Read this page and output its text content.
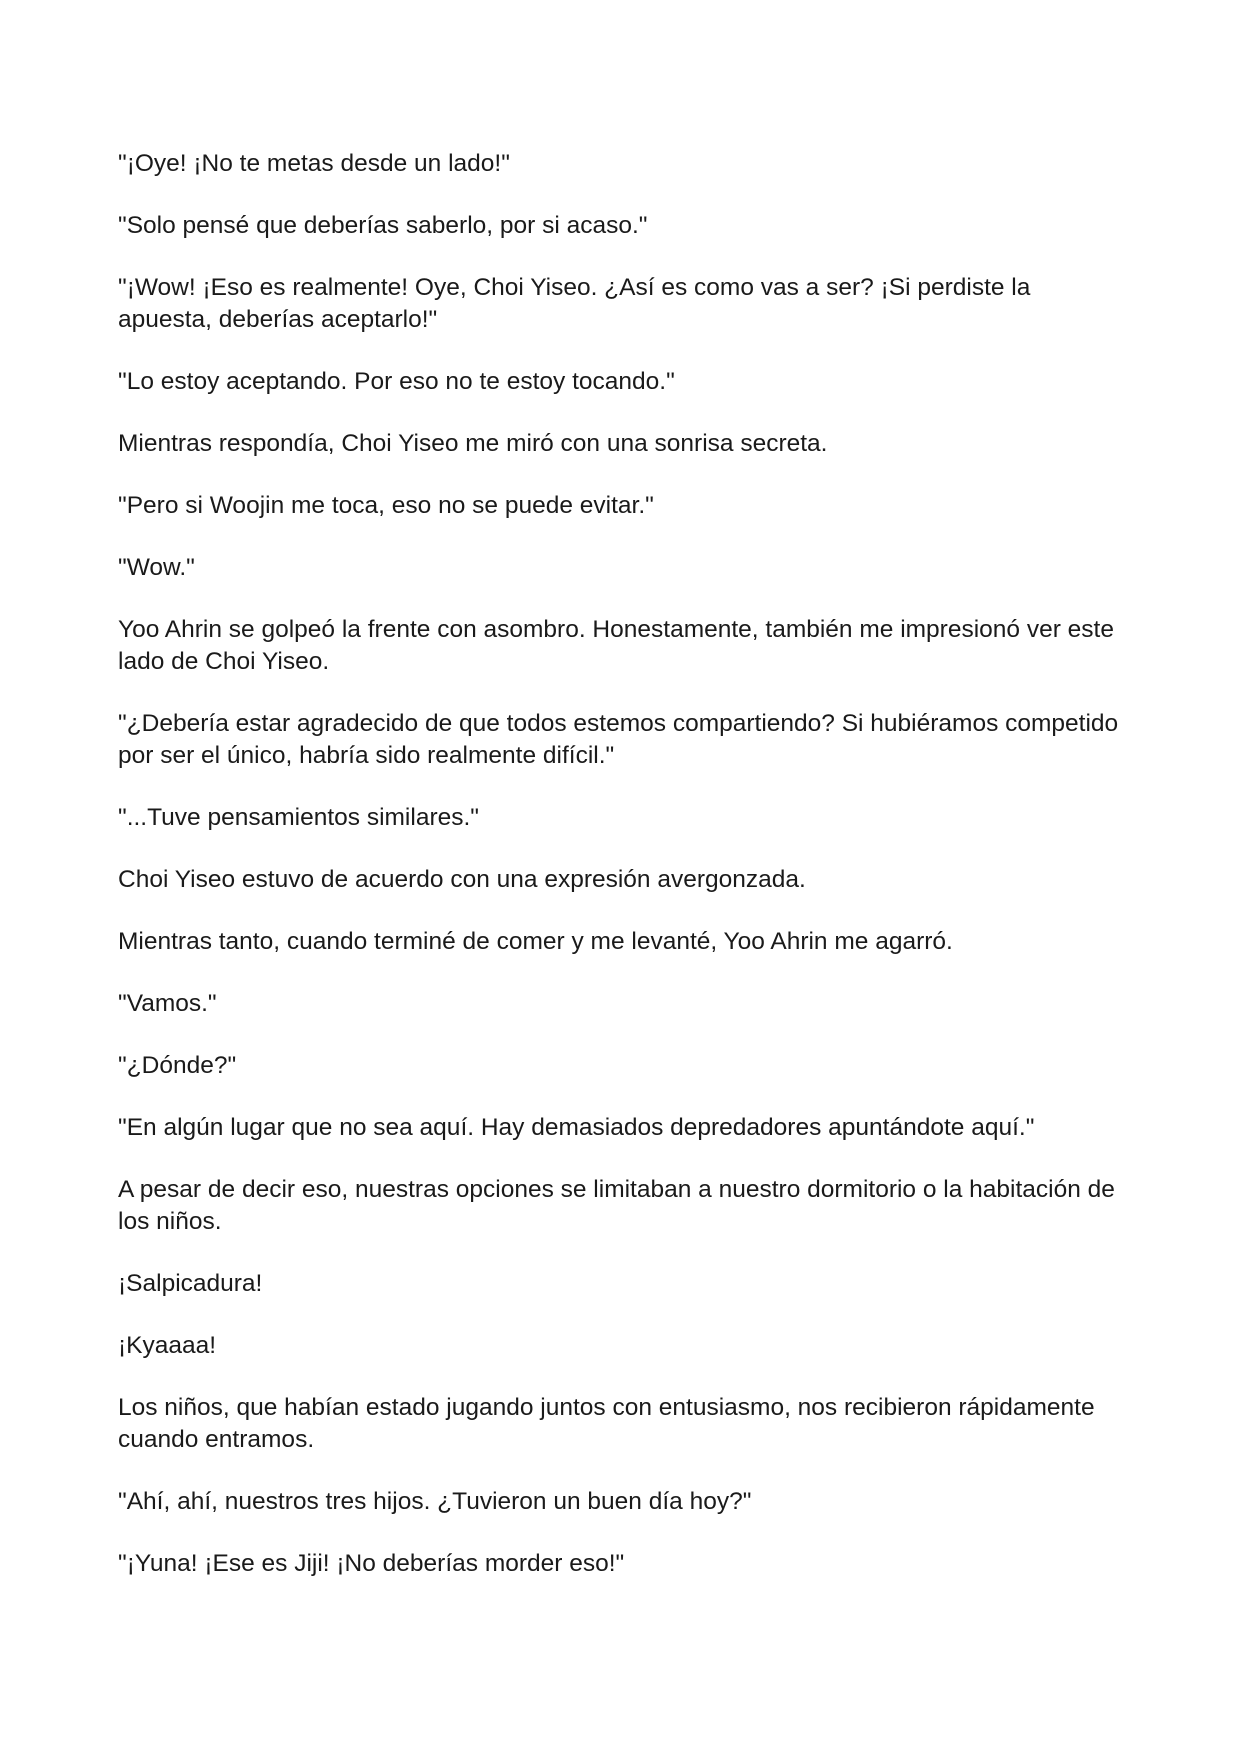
"¡Oye! ¡No te metas desde un lado!"

"Solo pensé que deberías saberlo, por si acaso."

"¡Wow! ¡Eso es realmente! Oye, Choi Yiseo. ¿Así es como vas a ser? ¡Si perdiste la apuesta, deberías aceptarlo!"

"Lo estoy aceptando. Por eso no te estoy tocando."

Mientras respondía, Choi Yiseo me miró con una sonrisa secreta.

"Pero si Woojin me toca, eso no se puede evitar."

"Wow."

Yoo Ahrin se golpeó la frente con asombro. Honestamente, también me impresionó ver este lado de Choi Yiseo.

"¿Debería estar agradecido de que todos estemos compartiendo? Si hubiéramos competido por ser el único, habría sido realmente difícil."

"...Tuve pensamientos similares."

Choi Yiseo estuvo de acuerdo con una expresión avergonzada.

Mientras tanto, cuando terminé de comer y me levanté, Yoo Ahrin me agarró.

"Vamos."

"¿Dónde?"

"En algún lugar que no sea aquí. Hay demasiados depredadores apuntándote aquí."

A pesar de decir eso, nuestras opciones se limitaban a nuestro dormitorio o la habitación de los niños.

¡Salpicadura!

¡Kyaaaa!

Los niños, que habían estado jugando juntos con entusiasmo, nos recibieron rápidamente cuando entramos.

"Ahí, ahí, nuestros tres hijos. ¿Tuvieron un buen día hoy?"

"¡Yuna! ¡Ese es Jiji! ¡No deberías morder eso!"
